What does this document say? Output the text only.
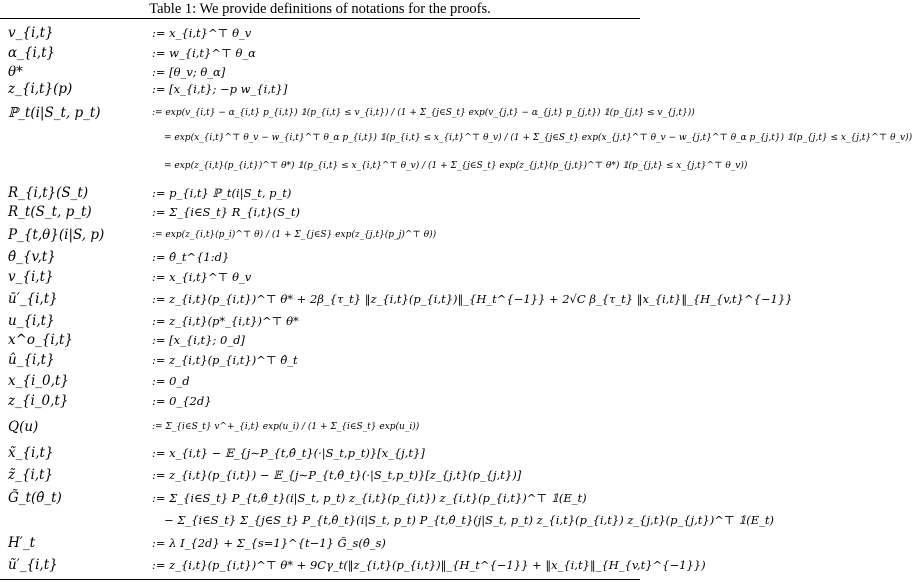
Table 1: We provide definitions of notations for the proofs.
v_{i,t}	:= x_{i,t}^⊤ θ_v
α_{i,t}	:= w_{i,t}^⊤ θ_α
θ*	:= [θ_v; θ_α]
z_{i,t}(p)	:= [x_{i,t}; −p w_{i,t}]
ℙ_t(i|S_t, p_t)	:= exp(v_{i,t} − α_{i,t} p_{i,t}) 𝟙(p_{i,t} ≤ v_{i,t}) / (1 + Σ_{j∈S_t} exp(v_{j,t} − α_{j,t} p_{j,t}) 𝟙(p_{j,t} ≤ v_{j,t}))
= exp(x_{i,t}^⊤ θ_v − w_{i,t}^⊤ θ_α p_{i,t}) 𝟙(p_{i,t} ≤ x_{i,t}^⊤ θ_v) / (1 + Σ_{j∈S_t} exp(x_{j,t}^⊤ θ_v − w_{j,t}^⊤ θ_α p_{j,t}) 𝟙(p_{j,t} ≤ x_{j,t}^⊤ θ_v))
= exp(z_{i,t}(p_{i,t})^⊤ θ*) 𝟙(p_{i,t} ≤ x_{i,t}^⊤ θ_v) / (1 + Σ_{j∈S_t} exp(z_{j,t}(p_{j,t})^⊤ θ*) 𝟙(p_{j,t} ≤ x_{j,t}^⊤ θ_v))
R_{i,t}(S_t)	:= p_{i,t} ℙ_t(i|S_t, p_t)
R_t(S_t, p_t)	:= Σ_{i∈S_t} R_{i,t}(S_t)
P_{t,θ}(i|S, p)	:= exp(z_{i,t}(p_i)^⊤ θ) / (1 + Σ_{j∈S} exp(z_{j,t}(p_j)^⊤ θ))
θ̂_{v,t}	:= θ̂_t^{1:d}
v_{i,t}	:= x_{i,t}^⊤ θ_v
ū′_{i,t}	:= z_{i,t}(p_{i,t})^⊤ θ* + 2β_{τ_t} ‖z_{i,t}(p_{i,t})‖_{H_t^{−1}} + 2√C β_{τ_t} ‖x_{i,t}‖_{H_{v,t}^{−1}}
u_{i,t}	:= z_{i,t}(p*_{i,t})^⊤ θ*
x^o_{i,t}	:= [x_{i,t}; 0_d]
û_{i,t}	:= z_{i,t}(p_{i,t})^⊤ θ̂_t
x_{i_0,t}	:= 0_d
z_{i_0,t}	:= 0_{2d}
Q(u)	:= Σ_{i∈S_t} v^+_{i,t} exp(u_i) / (1 + Σ_{i∈S_t} exp(u_i))
x̃_{i,t}	:= x_{i,t} − 𝔼_{j∼P_{t,θ̂_t}(·|S_t,p_t)}[x_{j,t}]
z̃_{i,t}	:= z_{i,t}(p_{i,t}) − 𝔼_{j∼P_{t,θ̂_t}(·|S_t,p_t)}[z_{j,t}(p_{j,t})]
G̃_t(θ̂_t)	:= Σ_{i∈S_t} P_{t,θ̂_t}(i|S_t, p_t) z_{i,t}(p_{i,t}) z_{i,t}(p_{i,t})^⊤ 𝟙(E_t)
− Σ_{i∈S_t} Σ_{j∈S_t} P_{t,θ̂_t}(i|S_t, p_t) P_{t,θ̂_t}(j|S_t, p_t) z_{i,t}(p_{i,t}) z_{j,t}(p_{j,t})^⊤ 𝟙(E_t)
H′_t	:= λ I_{2d} + Σ_{s=1}^{t−1} G̃_s(θ̂_s)
ũ′_{i,t}	:= z_{i,t}(p_{i,t})^⊤ θ* + 9Cγ_t(‖z_{i,t}(p_{i,t})‖_{H_t^{−1}} + ‖x_{i,t}‖_{H_{v,t}^{−1}})
